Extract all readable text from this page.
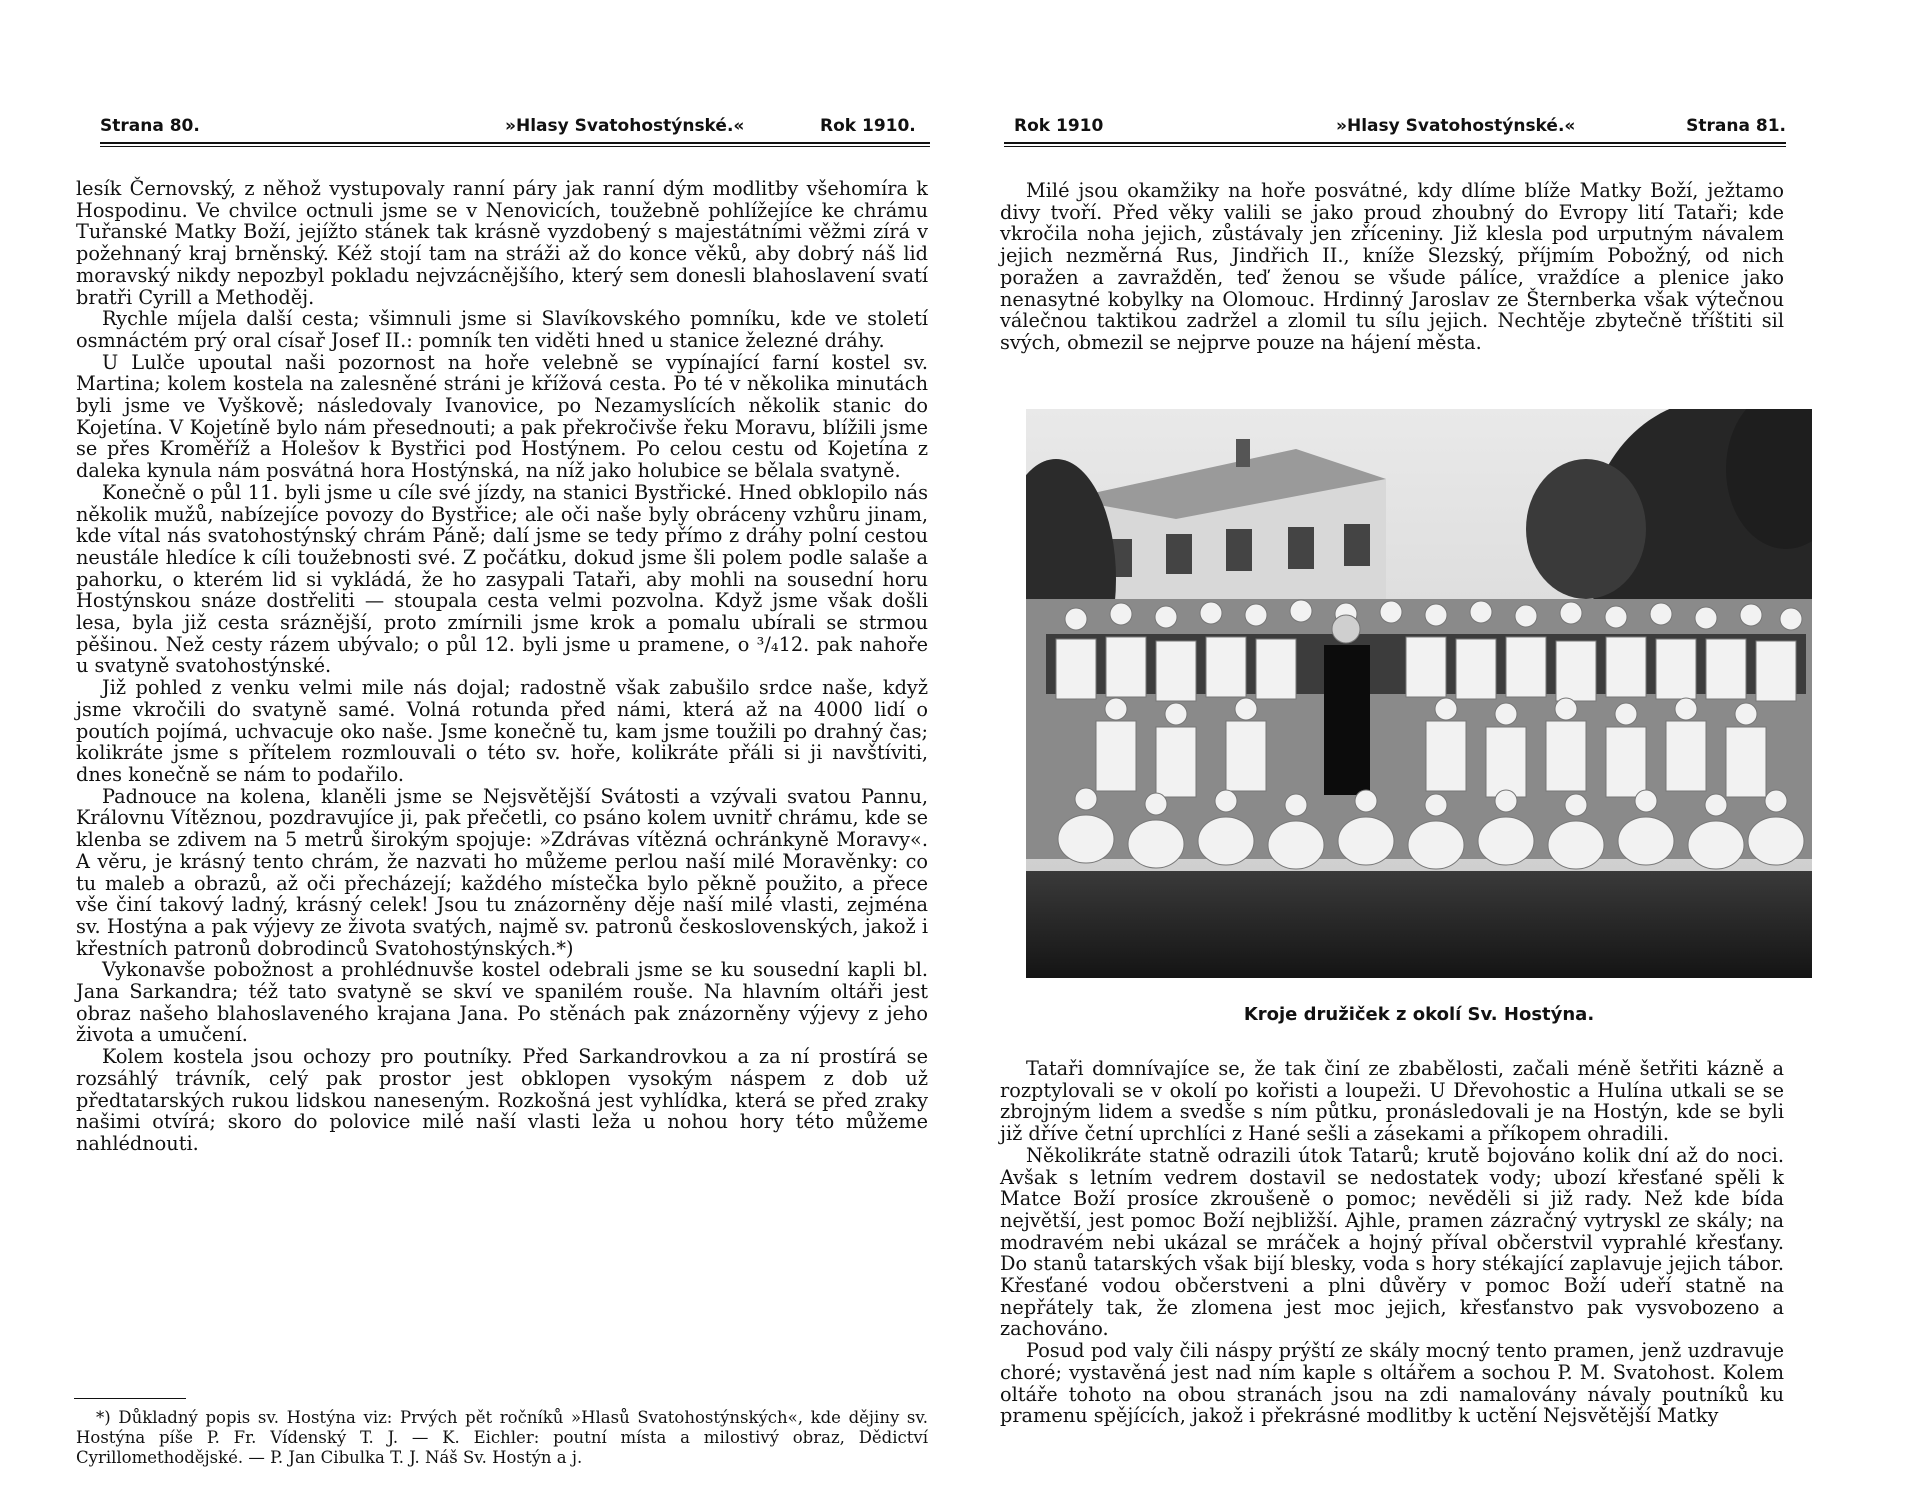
Strana 80.	»Hlasy Svatohostýnské.«	Rok 1910.

lesík Černovský, z něhož vystupovaly ranní páry jak ranní dým modlitby všehomíra k Hospodinu. Ve chvilce octnuli jsme se v Nenovicích, toužebně pohlížejíce ke chrámu Tuřanské Matky Boží, jejížto stánek tak krásně vyzdobený s majestátními věžmi zírá v požehnaný kraj brněnský. Kéž stojí tam na stráži až do konce věků, aby dobrý náš lid moravský nikdy nepozbyl pokladu nejvzácnějšího, který sem donesli blahoslavení svatí bratři Cyrill a Methoděj.

Rychle míjela další cesta; všimnuli jsme si Slavíkovského pomníku, kde ve století osmnáctém prý oral císař Josef II.: pomník ten viděti hned u stanice železné dráhy.

U Lulče upoutal naši pozornost na hoře velebně se vypínající farní kostel sv. Martina; kolem kostela na zalesněné stráni je křížová cesta. Po té v několika minutách byli jsme ve Vyškově; následovaly Ivanovice, po Nezamyslících několik stanic do Kojetína. V Kojetíně bylo nám přesednouti; a pak překročivše řeku Moravu, blížili jsme se přes Kroměříž a Holešov k Bystřici pod Hostýnem. Po celou cestu od Kojetína z daleka kynula nám posvátná hora Hostýnská, na níž jako holubice se bělala svatyně.

Konečně o půl 11. byli jsme u cíle své jízdy, na stanici Bystřické. Hned obklopilo nás několik mužů, nabízejíce povozy do Bystřice; ale oči naše byly obráceny vzhůru jinam, kde vítal nás svatohostýnský chrám Páně; dalí jsme se tedy přímo z dráhy polní cestou neustále hledíce k cíli toužebnosti své. Z počátku, dokud jsme šli polem podle salaše a pahorku, o kterém lid si vykládá, že ho zasypali Tataři, aby mohli na sousední horu Hostýnskou snáze dostřeliti — stoupala cesta velmi pozvolna. Když jsme však došli lesa, byla již cesta sráznější, proto zmírnili jsme krok a pomalu ubírali se strmou pěšinou. Než cesty rázem ubývalo; o půl 12. byli jsme u pramene, o ³/₄12. pak nahoře u svatyně svatohostýnské.

Již pohled z venku velmi mile nás dojal; radostně však zabušilo srdce naše, když jsme vkročili do svatyně samé. Volná rotunda před námi, která až na 4000 lidí o poutích pojímá, uchvacuje oko naše. Jsme konečně tu, kam jsme toužili po drahný čas; kolikráte jsme s přítelem rozmlouvali o této sv. hoře, kolikráte přáli si ji navštíviti, dnes konečně se nám to podařilo.

Padnouce na kolena, klaněli jsme se Nejsvětější Svátosti a vzývali svatou Pannu, Královnu Vítěznou, pozdravujíce ji, pak přečetli, co psáno kolem uvnitř chrámu, kde se klenba se zdivem na 5 metrů širokým spojuje: »Zdrávas vítězná ochránkyně Moravy«. A věru, je krásný tento chrám, že nazvati ho můžeme perlou naší milé Moravěnky: co tu maleb a obrazů, až oči přecházejí; každého místečka bylo pěkně použito, a přece vše činí takový ladný, krásný celek! Jsou tu znázorněny děje naší milé vlasti, zejména sv. Hostýna a pak výjevy ze života svatých, najmě sv. patronů československých, jakož i křestních patronů dobrodinců Svatohostýnských.*)

Vykonavše pobožnost a prohlédnuvše kostel odebrali jsme se ku sousední kapli bl. Jana Sarkandra; též tato svatyně se skví ve spanilém rouše. Na hlavním oltáři jest obraz našeho blahoslaveného krajana Jana. Po stěnách pak znázorněny výjevy z jeho života a umučení.

Kolem kostela jsou ochozy pro poutníky. Před Sarkandrovkou a za ní prostírá se rozsáhlý trávník, celý pak prostor jest obklopen vysokým náspem z dob už předtatarských rukou lidskou naneseným. Rozkošná jest vyhlídka, která se před zraky našimi otvírá; skoro do polovice milé naší vlasti leža u nohou hory této můžeme nahlédnouti.

*) Důkladný popis sv. Hostýna viz: Prvých pět ročníků »Hlasů Svatohostýnských«, kde dějiny sv. Hostýna píše P. Fr. Vídenský T. J. — K. Eichler: poutní místa a milostivý obraz, Dědictví Cyrillomethodějské. — P. Jan Cibulka T. J. Náš Sv. Hostýn a j.

Rok 1910	»Hlasy Svatohostýnské.«	Strana 81.

Milé jsou okamžiky na hoře posvátné, kdy dlíme blíže Matky Boží, ježtamo divy tvoří. Před věky valili se jako proud zhoubný do Evropy lití Tataři; kde vkročila noha jejich, zůstávaly jen zříceniny. Již klesla pod urputným návalem jejich nezměrná Rus, Jindřich II., kníže Slezský, příjmím Pobožný, od nich poražen a zavražděn, teď ženou se všude pálíce, vraždíce a plenice jako nenasytné kobylky na Olomouc. Hrdinný Jaroslav ze Šternberka však výtečnou válečnou taktikou zadržel a zlomil tu sílu jejich. Nechtěje zbytečně tříštiti sil svých, obmezil se nejprve pouze na hájení města.

Tataři domnívajíce se, že tak činí ze zbabělosti, začali méně šetřiti kázně a rozptylovali se v okolí po kořisti a loupeži. U Dřevohostic a Hulína utkali se se zbrojným lidem a svedše s ním půtku, pronásledovali je na Hostýn, kde se byli již dříve četní uprchlíci z Hané sešli a zásekami a příkopem ohradili.

Několikráte statně odrazili útok Tatarů; krutě bojováno kolik dní až do noci. Avšak s letním vedrem dostavil se nedostatek vody; ubozí křesťané spěli k Matce Boží prosíce zkroušeně o pomoc; nevěděli si již rady. Než kde bída největší, jest pomoc Boží nejbližší. Ajhle, pramen zázračný vytryskl ze skály; na modravém nebi ukázal se mráček a hojný příval občerstvil vyprahlé křesťany. Do stanů tatarských však bijí blesky, voda s hory stékající zaplavuje jejich tábor. Křesťané vodou občerstveni a plni důvěry v pomoc Boží udeří statně na nepřátely tak, že zlomena jest moc jejich, křesťanstvo pak vysvobozeno a zachováno.

Posud pod valy čili náspy prýští ze skály mocný tento pramen, jenž uzdravuje choré; vystavěná jest nad ním kaple s oltářem a sochou P. M. Svatohost. Kolem oltáře tohoto na obou stranách jsou na zdi namalovány návaly poutníků ku pramenu spějících, jakož i překrásné modlitby k uctění Nejsvětější Matky

Kroje družiček z okolí Sv. Hostýna.
